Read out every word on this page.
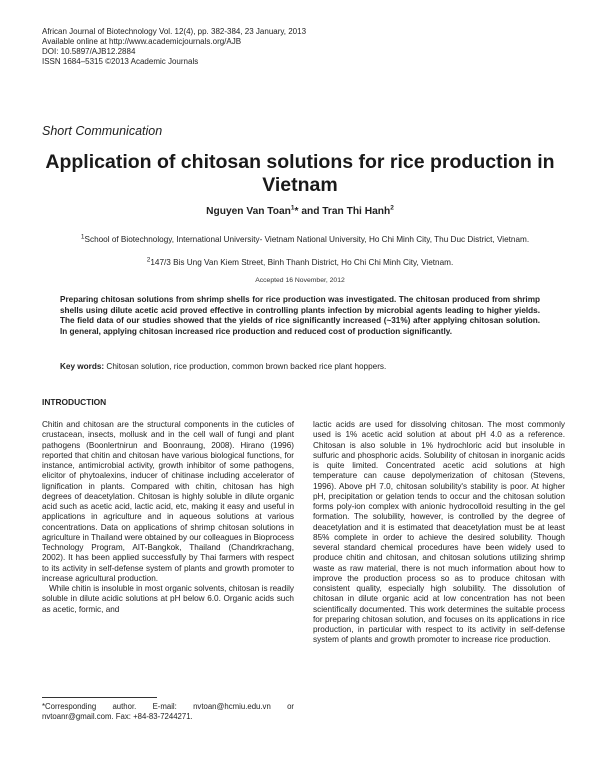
African Journal of Biotechnology Vol. 12(4), pp. 382-384, 23 January, 2013
Available online at http://www.academicjournals.org/AJB
DOI: 10.5897/AJB12.2884
ISSN 1684–5315 ©2013 Academic Journals
Short Communication
Application of chitosan solutions for rice production in Vietnam
Nguyen Van Toan$^1$* and Tran Thi Hanh$^2$
$^1$School of Biotechnology, International University- Vietnam National University, Ho Chi Minh City, Thu Duc District, Vietnam.
$^2$147/3 Bis Ung Van Kiem Street, Binh Thanh District, Ho Chi Chi Minh City, Vietnam.
Accepted 16 November, 2012
Preparing chitosan solutions from shrimp shells for rice production was investigated. The chitosan produced from shrimp shells using dilute acetic acid proved effective in controlling plants infection by microbial agents leading to higher yields. The field data of our studies showed that the yields of rice significantly increased (~31%) after applying chitosan solution. In general, applying chitosan increased rice production and reduced cost of production significantly.
Key words: Chitosan solution, rice production, common brown backed rice plant hoppers.
INTRODUCTION

Chitin and chitosan are the structural components in the cuticles of crustacean, insects, mollusk and in the cell wall of fungi and plant pathogens (Boonlertnirun and Boonraung, 2008). Hirano (1996) reported that chitin and chitosan have various biological functions, for instance, antimicrobial activity, growth inhibitor of some pathogens, elicitor of phytoalexins, inducer of chitinase including accelerator of lignification in plants. Compared with chitin, chitosan has high degrees of deacetylation. Chitosan is highly soluble in dilute organic acid such as acetic acid, lactic acid, etc, making it easy and useful in applications in agriculture and in aqueous solutions at various concentrations. Data on applications of shrimp chitosan solutions in agriculture in Thailand were obtained by our colleagues in Bioprocess Technology Program, AIT-Bangkok, Thailand (Chandrkrachang, 2002). It has been applied successfully by Thai farmers with respect to its activity in self-defense system of plants and growth promoter to increase agricultural production.

While chitin is insoluble in most organic solvents, chitosan is readily soluble in dilute acidic solutions at pH below 6.0. Organic acids such as acetic, formic, and

lactic acids are used for dissolving chitosan. The most commonly used is 1% acetic acid solution at about pH 4.0 as a reference. Chitosan is also soluble in 1% hydrochloric acid but insoluble in sulfuric and phosphoric acids. Solubility of chitosan in inorganic acids is quite limited. Concentrated acetic acid solutions at high temperature can cause depolymerization of chitosan (Stevens, 1996). Above pH 7.0, chitosan solubility's stability is poor. At higher pH, precipitation or gelation tends to occur and the chitosan solution forms poly-ion complex with anionic hydrocolloid resulting in the gel formation. The solubility, however, is controlled by the degree of deacetylation and it is estimated that deacetylation must be at least 85% complete in order to achieve the desired solubility. Though several standard chemical procedures have been widely used to produce chitin and chitosan, and chitosan solutions utilizing shrimp waste as raw material, there is not much information about how to improve the production process so as to produce chitosan with consistent quality, especially high solubility. The dissolution of chitosan in dilute organic acid at low concentration has not been scientifically documented. This work determines the suitable process for preparing chitosan solution, and focuses on its applications in rice production, in particular with respect to its activity in self-defense system of plants and growth promoter to increase rice production.

*Corresponding author. E-mail: nvtoan@hcmiu.edu.vn or nvtoanr@gmail.com. Fax: +84-83-7244271.
